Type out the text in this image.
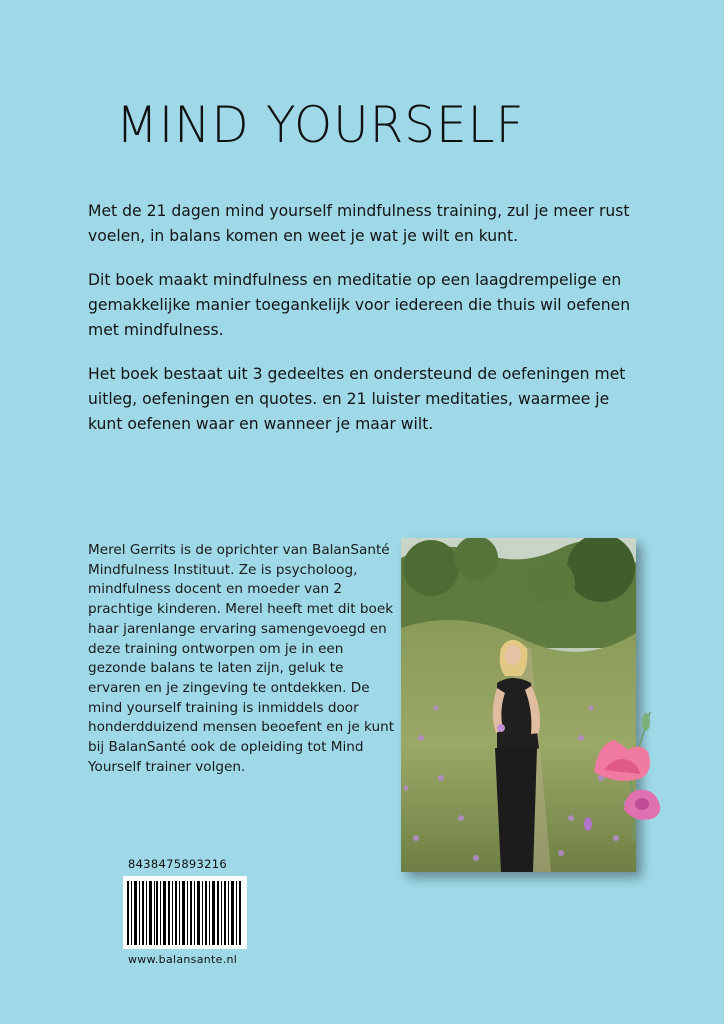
MIND YOURSELF
Met de 21 dagen mind yourself mindfulness training, zul je meer rust voelen, in balans komen en weet je wat je wilt en kunt.
Dit boek maakt mindfulness en meditatie op een laagdrempelige en gemakkelijke manier toegankelijk voor iedereen die thuis wil oefenen met mindfulness.
Het boek bestaat uit 3 gedeeltes en ondersteund de oefeningen met uitleg, oefeningen en quotes. en 21 luister meditaties, waarmee je kunt oefenen waar en wanneer je maar wilt.
Merel Gerrits is de oprichter van BalanSanté Mindfulness Instituut. Ze is psycholoog, mindfulness docent en moeder van 2 prachtige kinderen. Merel heeft met dit boek haar jarenlange ervaring samengevoegd en deze training ontworpen om je in een gezonde balans te laten zijn, geluk te ervaren en je zingeving te ontdekken. De mind yourself training is inmiddels door honderdduizend mensen beoefent en je kunt bij BalanSanté ook de opleiding tot Mind Yourself trainer volgen.
8438475893216
www.balansante.nl
